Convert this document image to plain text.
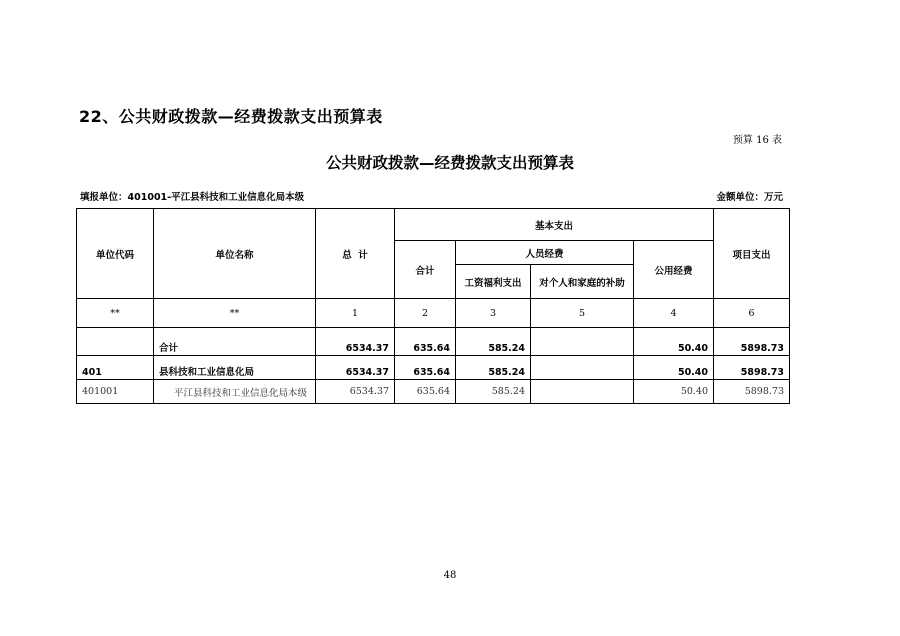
22、公共财政拨款—经费拨款支出预算表
预算 16 表
公共财政拨款—经费拨款支出预算表
填报单位：401001-平江县科技和工业信息化局本级	金额单位：万元
单位代码	单位名称	总  计	基本支出				项目支出
			合计	人员经费		公用经费	
				工资福利支出	对个人和家庭的补助		
**	**	1	2	3	5	4	6
	合计	6534.37	635.64	585.24		50.40	5898.73
401	县科技和工业信息化局	6534.37	635.64	585.24		50.40	5898.73
401001	平江县科技和工业信息化局本级	6534.37	635.64	585.24		50.40	5898.73
48
